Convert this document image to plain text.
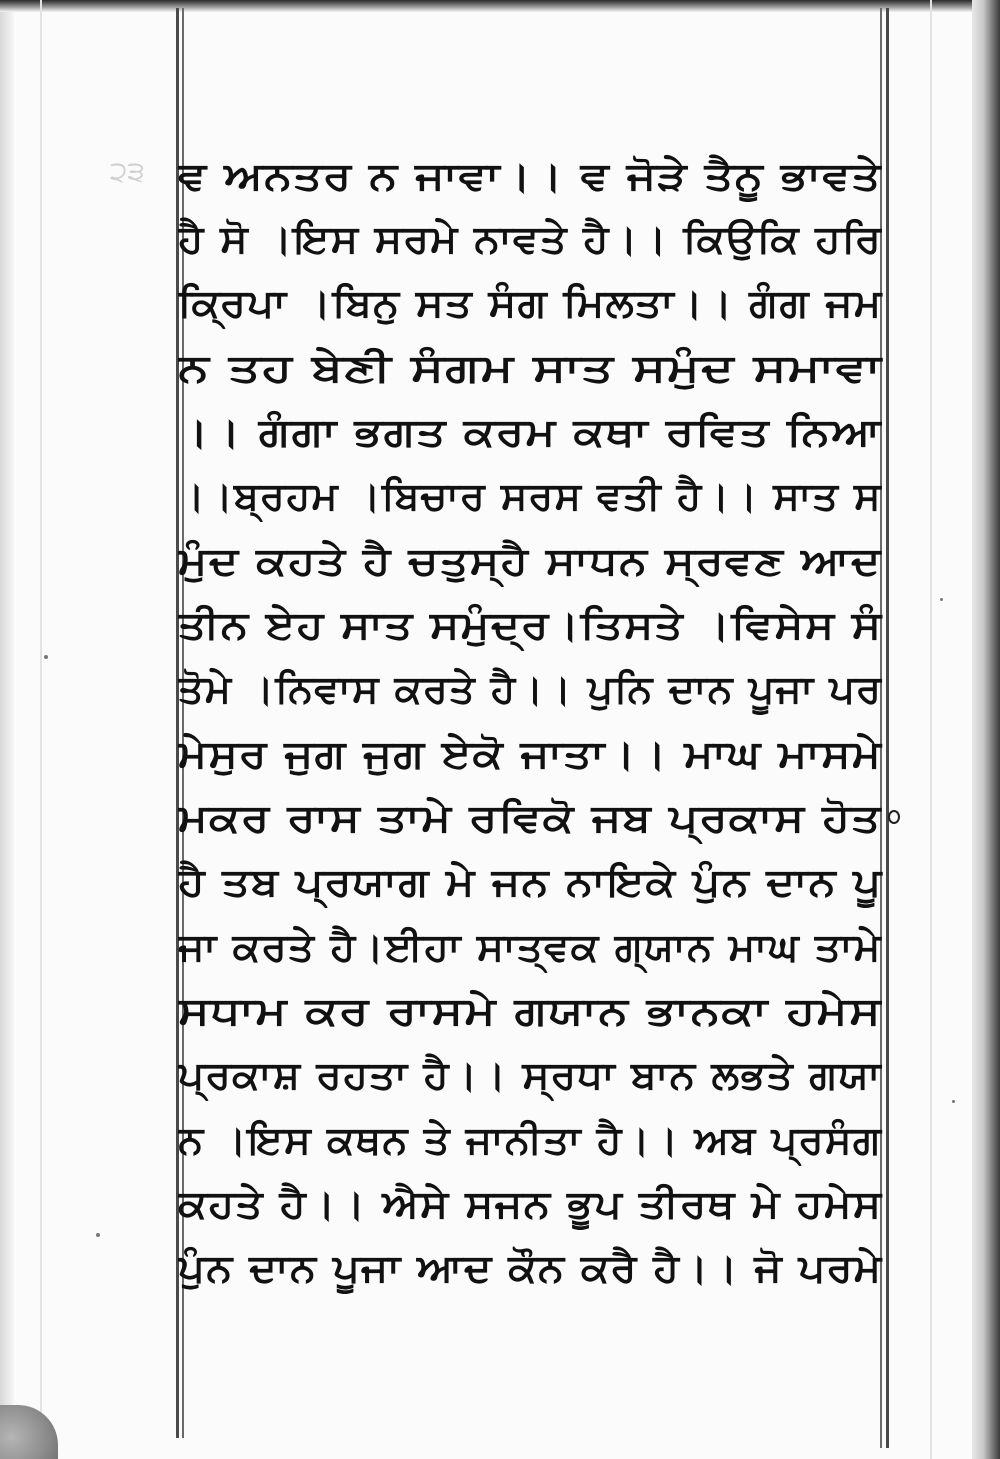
੨੩ ਵ ਅਨਤਰ ਨ ਜਾਵਾ।। ਵ ਜੋੜੇ ਤੈਨੂ ਭਾਵਤੇ
ਹੈ ਸੋ ।ਇਸ ਸਰਮੇ ਨਾਵਤੇ ਹੈ।। ਕਿਉਕਿ ਹਰਿ
ਕ੍ਰਿਪਾ ।ਬਿਨੁ ਸਤ ਸੰਗ ਮਿਲਤਾ।। ਗੰਗ ਜਮ
ਨ ਤਹ ਬੇਣੀ ਸੰਗਮ ਸਾਤ ਸਮੁੰਦ ਸਮਾਵਾ
।। ਗੰਗਾ ਭਗਤ ਕਰਮ ਕਥਾ ਰਵਿਤ ਨਿਆ
।।ਬ੍ਰਹਮ ।ਬਿਚਾਰ ਸਰਸ ਵਤੀ ਹੈ।। ਸਾਤ ਸ
ਮੁੰਦ ਕਹਤੇ ਹੈ ਚਤੁਸ੍ਹੈ ਸਾਧਨ ਸ੍ਰਵਣ ਆਦ
ਤੀਨ ਏਹ ਸਾਤ ਸਮੁੰਦ੍ਰ।ਤਿਸਤੇ ।ਵਿਸੇਸ ਸੰ
ਤੋਮੇ ।ਨਿਵਾਸ ਕਰਤੇ ਹੈ।। ਪੁਨਿ ਦਾਨ ਪੂਜਾ ਪਰ
ਮੇਸੁਰ ਜੁਗ ਜੁਗ ਏਕੋ ਜਾਤਾ।। ਮਾਘ ਮਾਸਮੇ
ਮਕਰ ਰਾਸ ਤਾਮੇ ਰਵਿਕੋ ਜਬ ਪ੍ਰਕਾਸ ਹੋਤ
ਹੈ ਤਬ ਪ੍ਰਯਾਗ ਮੇ ਜਨ ਨਾਇਕੇ ਪੁੰਨ ਦਾਨ ਪੂ
ਜਾ ਕਰਤੇ ਹੈ।ਈਹਾ ਸਾਤ੍ਵਕ ਗ੍ਯਾਨ ਮਾਘ ਤਾਮੇ
ਸਧਾਮ ਕਰ ਰਾਸਮੇ ਗਯਾਨ ਭਾਨਕਾ ਹਮੇਸ
ਪ੍ਰਕਾਸ਼ ਰਹਤਾ ਹੈ।। ਸ੍ਰਧਾ ਬਾਨ ਲਭਤੇ ਗਯਾ
ਨ ।ਇਸ ਕਥਨ ਤੇ ਜਾਨੀਤਾ ਹੈ।। ਅਬ ਪ੍ਰਸੰਗ
ਕਹਤੇ ਹੈ।। ਐਸੇ ਸਜਨ ਭੂਪ ਤੀਰਥ ਮੇ ਹਮੇਸ
ਪੁੰਨ ਦਾਨ ਪੂਜਾ ਆਦ ਕੌਨ ਕਰੈ ਹੈ।। ਜੋ ਪਰਮੇ
